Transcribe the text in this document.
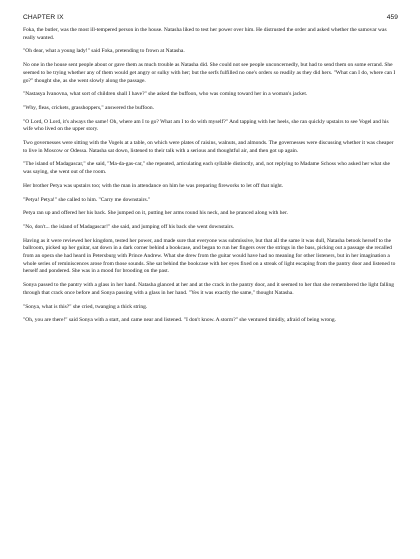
CHAPTER IX	459

Foka, the butler, was the most ill-tempered person in the house. Natasha liked to test her power over him. He distrusted the order and asked whether the samovar was really wanted.

"Oh dear, what a young lady!" said Foka, pretending to frown at Natasha.

No one in the house sent people about or gave them as much trouble as Natasha did. She could not see people unconcernedly, but had to send them on some errand. She seemed to be trying whether any of them would get angry or sulky with her; but the serfs fulfilled no one's orders so readily as they did hers. "What can I do, where can I go?" thought she, as she went slowly along the passage.

"Nastasya Ivanovna, what sort of children shall I have?" she asked the buffoon, who was coming toward her in a woman's jacket.

"Why, fleas, crickets, grasshoppers," answered the buffoon.

"O Lord, O Lord, it's always the same! Oh, where am I to go? What am I to do with myself?" And tapping with her heels, she ran quickly upstairs to see Vogel and his wife who lived on the upper story.

Two governesses were sitting with the Vogels at a table, on which were plates of raisins, walnuts, and almonds. The governesses were discussing whether it was cheaper to live in Moscow or Odessa. Natasha sat down, listened to their talk with a serious and thoughtful air, and then got up again.

"The island of Madagascar," she said, "Ma-da-gas-car," she repeated, articulating each syllable distinctly, and, not replying to Madame Schoss who asked her what she was saying, she went out of the room.

Her brother Petya was upstairs too; with the man in attendance on him he was preparing fireworks to let off that night.

"Petya! Petya!" she called to him. "Carry me downstairs."

Petya ran up and offered her his back. She jumped on it, putting her arms round his neck, and he pranced along with her.

"No, don't... the island of Madagascar!" she said, and jumping off his back she went downstairs.

Having as it were reviewed her kingdom, tested her power, and made sure that everyone was submissive, but that all the same it was dull, Natasha betook herself to the ballroom, picked up her guitar, sat down in a dark corner behind a bookcase, and began to run her fingers over the strings in the bass, picking out a passage she recalled from an opera she had heard in Petersburg with Prince Andrew. What she drew from the guitar would have had no meaning for other listeners, but in her imagination a whole series of reminiscences arose from those sounds. She sat behind the bookcase with her eyes fixed on a streak of light escaping from the pantry door and listened to herself and pondered. She was in a mood for brooding on the past.

Sonya passed to the pantry with a glass in her hand. Natasha glanced at her and at the crack in the pantry door, and it seemed to her that she remembered the light falling through that crack once before and Sonya passing with a glass in her hand. "Yes it was exactly the same," thought Natasha.

"Sonya, what is this?" she cried, twanging a thick string.

"Oh, you are there!" said Sonya with a start, and came near and listened. "I don't know. A storm?" she ventured timidly, afraid of being wrong.
